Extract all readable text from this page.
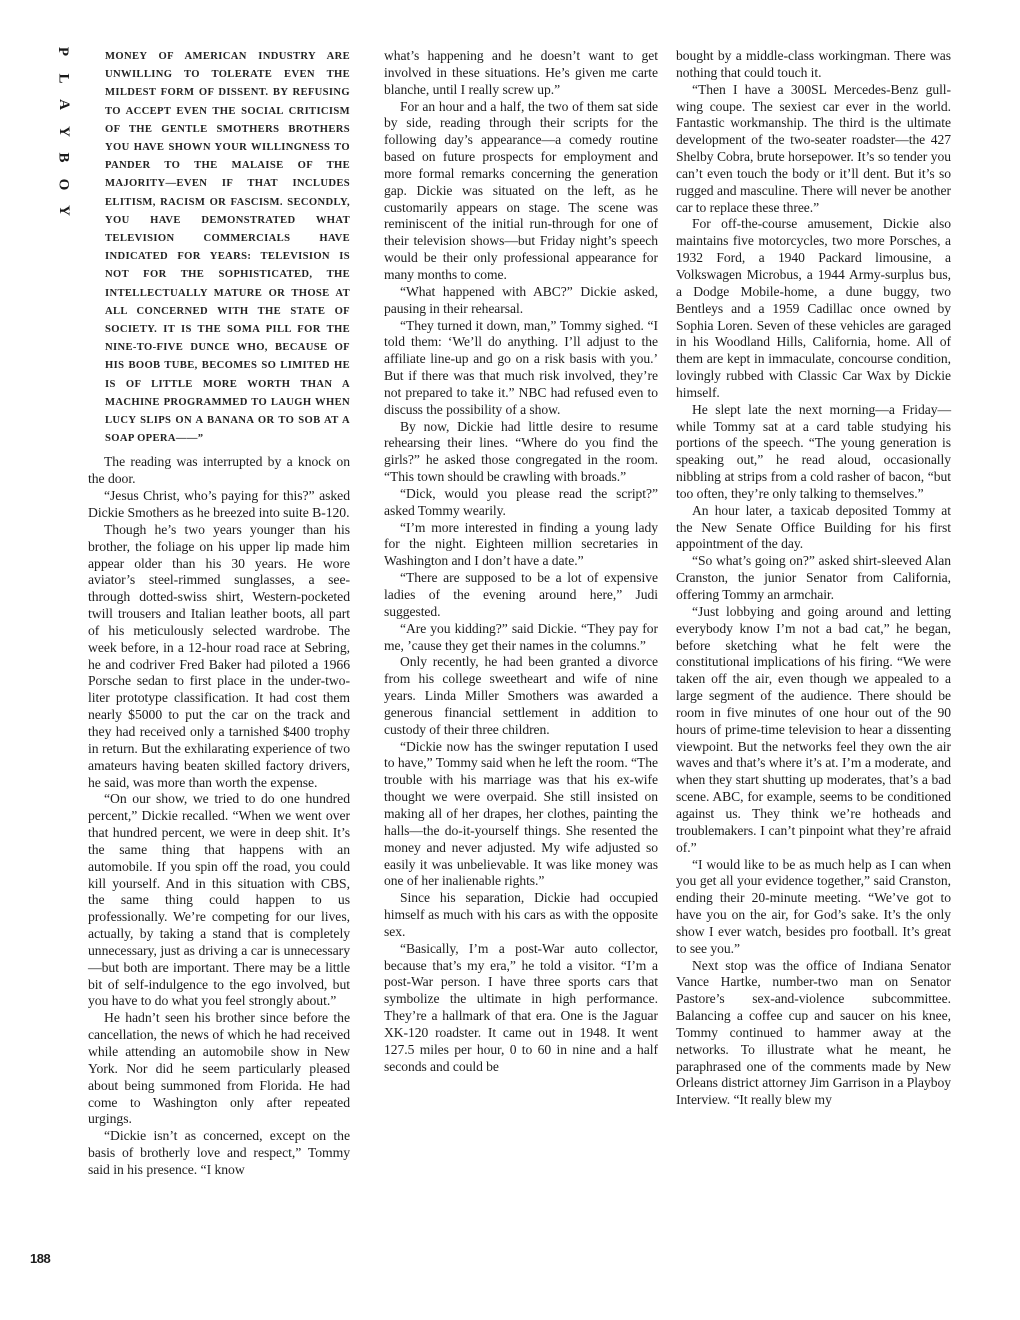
P
L
A
Y
B
O
Y
188

MONEY OF AMERICAN INDUSTRY ARE UNWILLING TO TOLERATE EVEN THE MILDEST FORM OF DISSENT. BY REFUSING TO ACCEPT EVEN THE SOCIAL CRITICISM OF THE GENTLE SMOTHERS BROTHERS YOU HAVE SHOWN YOUR WILLINGNESS TO PANDER TO THE MALAISE OF THE MAJORITY—EVEN IF THAT INCLUDES ELITISM, RACISM OR FASCISM. SECONDLY, YOU HAVE DEMONSTRATED WHAT TELEVISION COMMERCIALS HAVE INDICATED FOR YEARS: TELEVISION IS NOT FOR THE SOPHISTICATED, THE INTELLECTUALLY MATURE OR THOSE AT ALL CONCERNED WITH THE STATE OF SOCIETY. IT IS THE SOMA PILL FOR THE NINE-TO-FIVE DUNCE WHO, BECAUSE OF HIS BOOB TUBE, BECOMES SO LIMITED HE IS OF LITTLE MORE WORTH THAN A MACHINE PROGRAMMED TO LAUGH WHEN LUCY SLIPS ON A BANANA OR TO SOB AT A SOAP OPERA——”

The reading was interrupted by a knock on the door.

“Jesus Christ, who’s paying for this?” asked Dickie Smothers as he breezed into suite B-120.

Though he’s two years younger than his brother, the foliage on his upper lip made him appear older than his 30 years. He wore aviator’s steel-rimmed sunglasses, a see-through dotted-swiss shirt, Western-pocketed twill trousers and Italian leather boots, all part of his meticulously selected wardrobe. The week before, in a 12-hour road race at Sebring, he and codriver Fred Baker had piloted a 1966 Porsche sedan to first place in the under-two-liter prototype classification. It had cost them nearly $5000 to put the car on the track and they had received only a tarnished $400 trophy in return. But the exhilarating experience of two amateurs having beaten skilled factory drivers, he said, was more than worth the expense.

“On our show, we tried to do one hundred percent,” Dickie recalled. “When we went over that hundred percent, we were in deep shit. It’s the same thing that happens with an automobile. If you spin off the road, you could kill yourself. And in this situation with CBS, the same thing could happen to us professionally. We’re competing for our lives, actually, by taking a stand that is completely unnecessary, just as driving a car is unnecessary —but both are important. There may be a little bit of self-indulgence to the ego involved, but you have to do what you feel strongly about.”

He hadn’t seen his brother since before the cancellation, the news of which he had received while attending an automobile show in New York. Nor did he seem particularly pleased about being summoned from Florida. He had come to Washington only after repeated urgings.

“Dickie isn’t as concerned, except on the basis of brotherly love and respect,” Tommy said in his presence. “I know

what’s happening and he doesn’t want to get involved in these situations. He’s given me carte blanche, until I really screw up.”

For an hour and a half, the two of them sat side by side, reading through their scripts for the following day’s appearance—a comedy routine based on future prospects for employment and more formal remarks concerning the generation gap. Dickie was situated on the left, as he customarily appears on stage. The scene was reminiscent of the initial run-through for one of their television shows—but Friday night’s speech would be their only professional appearance for many months to come.

“What happened with ABC?” Dickie asked, pausing in their rehearsal.

“They turned it down, man,” Tommy sighed. “I told them: ‘We’ll do anything. I’ll adjust to the affiliate line-up and go on a risk basis with you.’ But if there was that much risk involved, they’re not prepared to take it.” NBC had refused even to discuss the possibility of a show.

By now, Dickie had little desire to resume rehearsing their lines. “Where do you find the girls?” he asked those congregated in the room. “This town should be crawling with broads.”

“Dick, would you please read the script?” asked Tommy wearily.

“I’m more interested in finding a young lady for the night. Eighteen million secretaries in Washington and I don’t have a date.”

“There are supposed to be a lot of expensive ladies of the evening around here,” Judi suggested.

“Are you kidding?” said Dickie. “They pay for me, ’cause they get their names in the columns.”

Only recently, he had been granted a divorce from his college sweetheart and wife of nine years. Linda Miller Smothers was awarded a generous financial settlement in addition to custody of their three children.

“Dickie now has the swinger reputation I used to have,” Tommy said when he left the room. “The trouble with his marriage was that his ex-wife thought we were overpaid. She still insisted on making all of her drapes, her clothes, painting the halls—the do-it-yourself things. She resented the money and never adjusted. My wife adjusted so easily it was unbelievable. It was like money was one of her inalienable rights.”

Since his separation, Dickie had occupied himself as much with his cars as with the opposite sex.

“Basically, I’m a post-War auto collector, because that’s my era,” he told a visitor. “I’m a post-War person. I have three sports cars that symbolize the ultimate in high performance. They’re a hallmark of that era. One is the Jaguar XK-120 roadster. It came out in 1948. It went 127.5 miles per hour, 0 to 60 in nine and a half seconds and could be

bought by a middle-class workingman. There was nothing that could touch it.

“Then I have a 300SL Mercedes-Benz gull-wing coupe. The sexiest car ever in the world. Fantastic workmanship. The third is the ultimate development of the two-seater roadster—the 427 Shelby Cobra, brute horsepower. It’s so tender you can’t even touch the body or it’ll dent. But it’s so rugged and masculine. There will never be another car to replace these three.”

For off-the-course amusement, Dickie also maintains five motorcycles, two more Porsches, a 1932 Ford, a 1940 Packard limousine, a Volkswagen Microbus, a 1944 Army-surplus bus, a Dodge Mobile-home, a dune buggy, two Bentleys and a 1959 Cadillac once owned by Sophia Loren. Seven of these vehicles are garaged in his Woodland Hills, California, home. All of them are kept in immaculate, concourse condition, lovingly rubbed with Classic Car Wax by Dickie himself.

He slept late the next morning—a Friday—while Tommy sat at a card table studying his portions of the speech. “The young generation is speaking out,” he read aloud, occasionally nibbling at strips from a cold rasher of bacon, “but too often, they’re only talking to themselves.”

An hour later, a taxicab deposited Tommy at the New Senate Office Building for his first appointment of the day.

“So what’s going on?” asked shirt-sleeved Alan Cranston, the junior Senator from California, offering Tommy an armchair.

“Just lobbying and going around and letting everybody know I’m not a bad cat,” he began, before sketching what he felt were the constitutional implications of his firing. “We were taken off the air, even though we appealed to a large segment of the audience. There should be room in five minutes of one hour out of the 90 hours of prime-time television to hear a dissenting viewpoint. But the networks feel they own the air waves and that’s where it’s at. I’m a moderate, and when they start shutting up moderates, that’s a bad scene. ABC, for example, seems to be conditioned against us. They think we’re hotheads and troublemakers. I can’t pinpoint what they’re afraid of.”

“I would like to be as much help as I can when you get all your evidence together,” said Cranston, ending their 20-minute meeting. “We’ve got to have you on the air, for God’s sake. It’s the only show I ever watch, besides pro football. It’s great to see you.”

Next stop was the office of Indiana Senator Vance Hartke, number-two man on Senator Pastore’s sex-and-violence subcommittee. Balancing a coffee cup and saucer on his knee, Tommy continued to hammer away at the networks. To illustrate what he meant, he paraphrased one of the comments made by New Orleans district attorney Jim Garrison in a Playboy Interview. “It really blew my
